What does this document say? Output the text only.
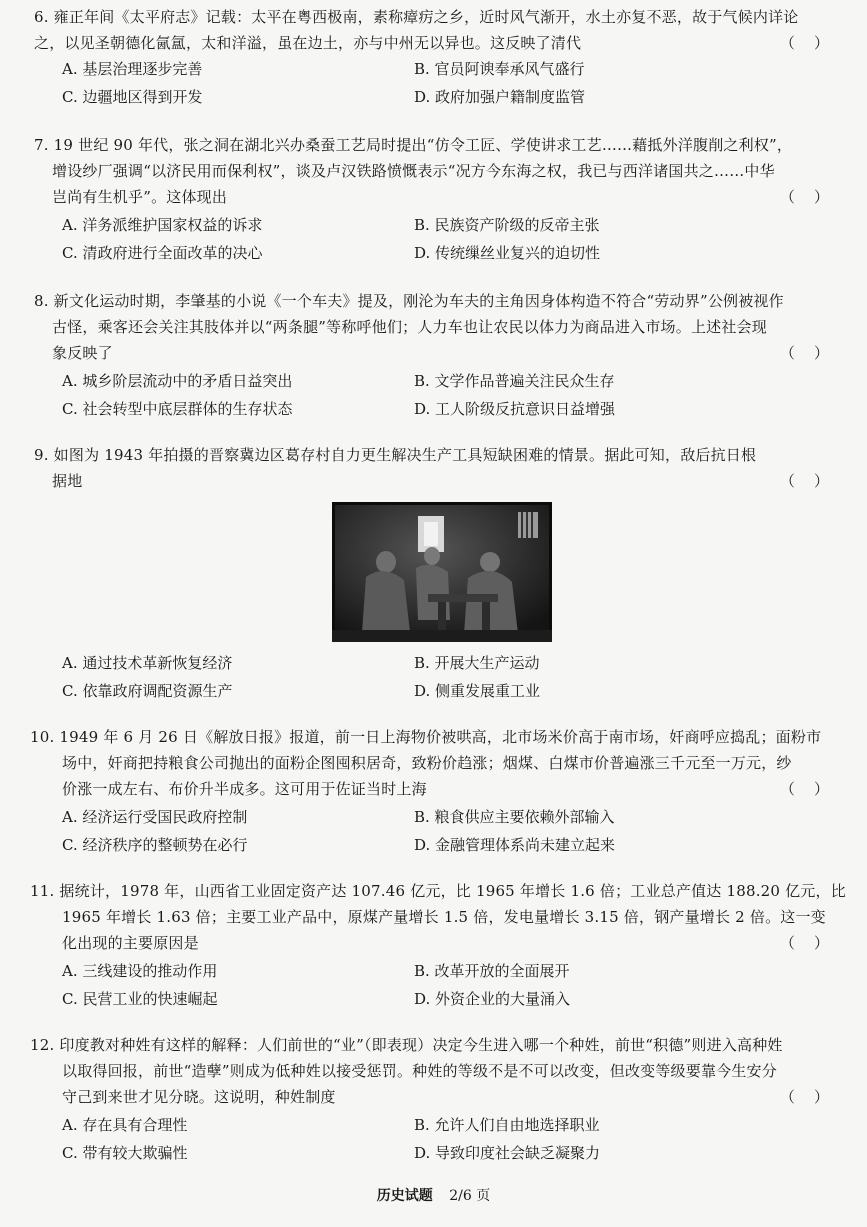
6. 雍正年间《太平府志》记载：太平在粤西极南，素称瘴疠之乡，近时风气渐开，水土亦复不恶，故于气候内详论
之，以见圣朝德化氤氲，太和洋溢，虽在边土，亦与中州无以异也。这反映了清代	（    ）
A. 基层治理逐步完善	B. 官员阿谀奉承风气盛行
C. 边疆地区得到开发	D. 政府加强户籍制度监管
7. 19 世纪 90 年代，张之洞在湖北兴办桑蚕工艺局时提出“仿令工匠、学使讲求工艺……藉抵外洋腹削之利权”，
增设纱厂强调“以济民用而保利权”，谈及卢汉铁路愤慨表示“况方今东海之权，我已与西洋诸国共之……中华
岂尚有生机乎”。这体现出	（    ）
A. 洋务派维护国家权益的诉求	B. 民族资产阶级的反帝主张
C. 清政府进行全面改革的决心	D. 传统缫丝业复兴的迫切性
8. 新文化运动时期，李肇基的小说《一个车夫》提及，刚沦为车夫的主角因身体构造不符合“劳动界”公例被视作
古怪，乘客还会关注其肢体并以“两条腿”等称呼他们；人力车也让农民以体力为商品进入市场。上述社会现
象反映了	（    ）
A. 城乡阶层流动中的矛盾日益突出	B. 文学作品普遍关注民众生存
C. 社会转型中底层群体的生存状态	D. 工人阶级反抗意识日益增强
9. 如图为 1943 年拍摄的晋察冀边区葛存村自力更生解决生产工具短缺困难的情景。据此可知，敌后抗日根
据地	（    ）
A. 通过技术革新恢复经济	B. 开展大生产运动
C. 依靠政府调配资源生产	D. 侧重发展重工业
10. 1949 年 6 月 26 日《解放日报》报道，前一日上海物价被哄高，北市场米价高于南市场，奸商呼应捣乱；面粉市
场中，奸商把持粮食公司抛出的面粉企图囤积居奇，致粉价趋涨；烟煤、白煤市价普遍涨三千元至一万元，纱
价涨一成左右、布价升半成多。这可用于佐证当时上海	（    ）
A. 经济运行受国民政府控制	B. 粮食供应主要依赖外部输入
C. 经济秩序的整顿势在必行	D. 金融管理体系尚未建立起来
11. 据统计，1978 年，山西省工业固定资产达 107.46 亿元，比 1965 年增长 1.6 倍；工业总产值达 188.20 亿元，比
1965 年增长 1.63 倍；主要工业产品中，原煤产量增长 1.5 倍，发电量增长 3.15 倍，钢产量增长 2 倍。这一变
化出现的主要原因是	（    ）
A. 三线建设的推动作用	B. 改革开放的全面展开
C. 民营工业的快速崛起	D. 外资企业的大量涌入
12. 印度教对种姓有这样的解释：人们前世的“业”（即表现）决定今生进入哪一个种姓，前世“积德”则进入高种姓
以取得回报，前世“造孽”则成为低种姓以接受惩罚。种姓的等级不是不可以改变，但改变等级要靠今生安分
守己到来世才见分晓。这说明，种姓制度	（    ）
A. 存在具有合理性	B. 允许人们自由地选择职业
C. 带有较大欺骗性	D. 导致印度社会缺乏凝聚力
历史试题 2/6 页
